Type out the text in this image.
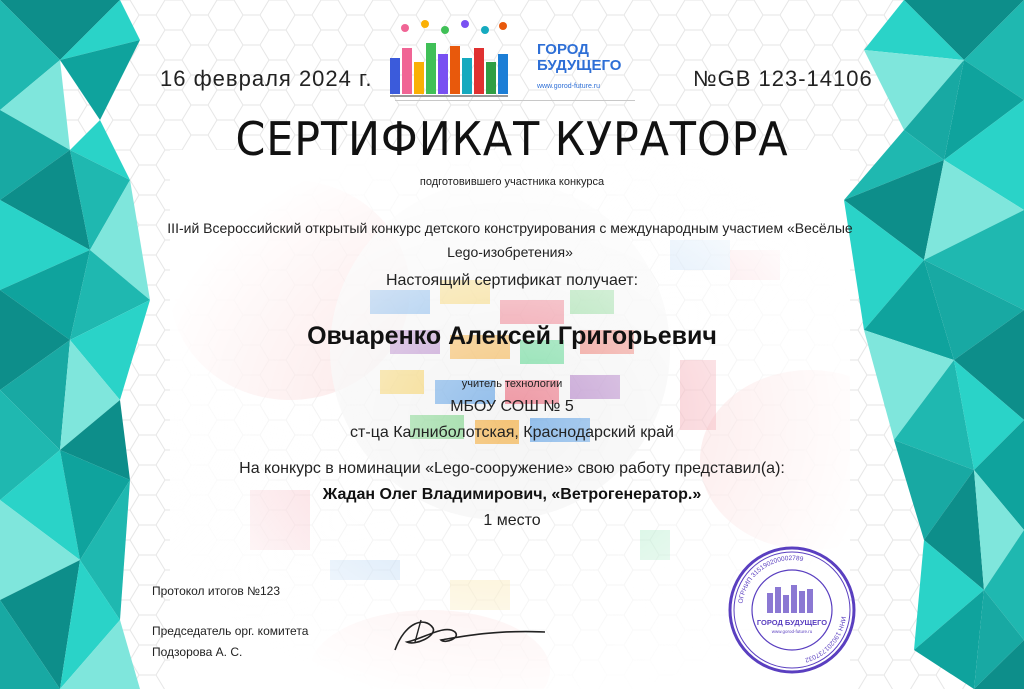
16 февраля 2024 г.	№GB 123-14106
ГОРОД
БУДУЩЕГО
www.gorod-future.ru
СЕРТИФИКАТ КУРАТОРА
подготовившего участника конкурса
III-ий Всероссийский открытый конкурс детского конструирования с международным участием «Весёлые Lego-изобретения»
Настоящий сертификат получает:
Овчаренко Алексей Григорьевич
учитель технологии
МБОУ СОШ № 5
ст-ца Калниболотская, Краснодарский край
На конкурс в номинации «Lego-сооружение» свою работу представил(а):
Жадан Олег Владимирович, «Ветрогенератор.»
1 место
Протокол итогов №123
Председатель орг. комитета
Подзорова А. С.
ОГРНИП 315190200002789
ИНН 190201737032
ГОРОД БУДУЩЕГО
www.gorod-future.ru
